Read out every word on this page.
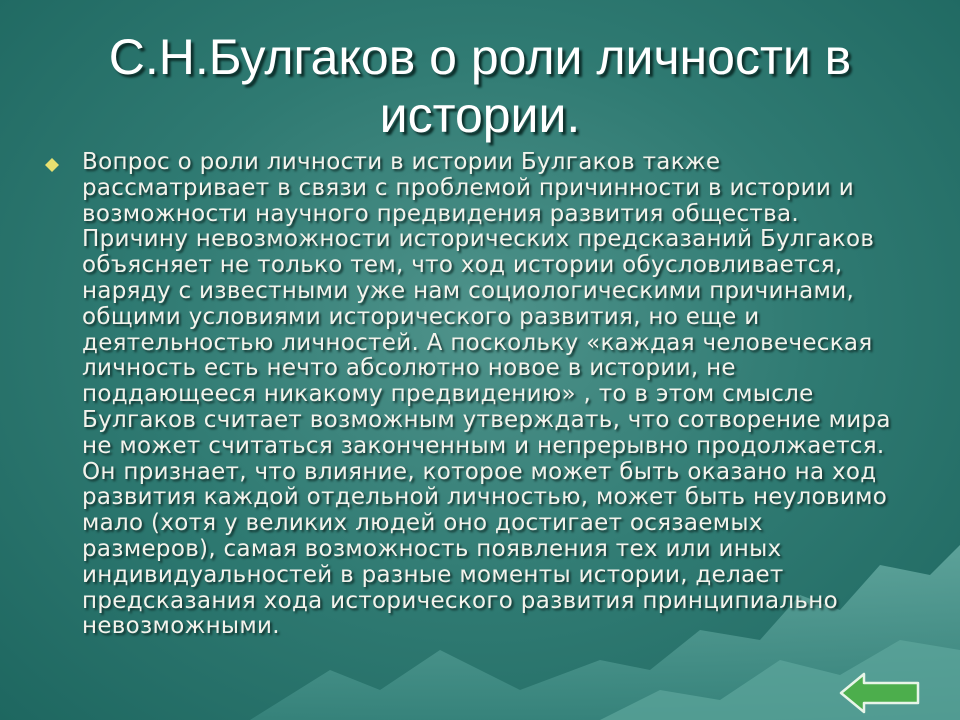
С.Н.Булгаков о роли личности в истории.

Вопрос о роли личности в истории Булгаков также рассматривает в связи с проблемой причинности в истории и возможности научного предвидения развития общества. Причину невозможности исторических предсказаний Булгаков объясняет не только тем, что ход истории обусловливается, наряду с известными уже нам социологическими причинами, общими условиями исторического развития, но еще и деятельностью личностей. А поскольку «каждая человеческая личность есть нечто абсолютно новое в истории, не поддающееся никакому предвидению» , то в этом смысле Булгаков считает возможным утверждать, что сотворение мира не может считаться законченным и непрерывно продолжается. Он признает, что влияние, которое может быть оказано на ход развития каждой отдельной личностью, может быть неуловимо мало (хотя у великих людей оно достигает осязаемых размеров), самая возможность появления тех или иных индивидуальностей в разные моменты истории, делает предсказания хода исторического развития принципиально невозможными.
